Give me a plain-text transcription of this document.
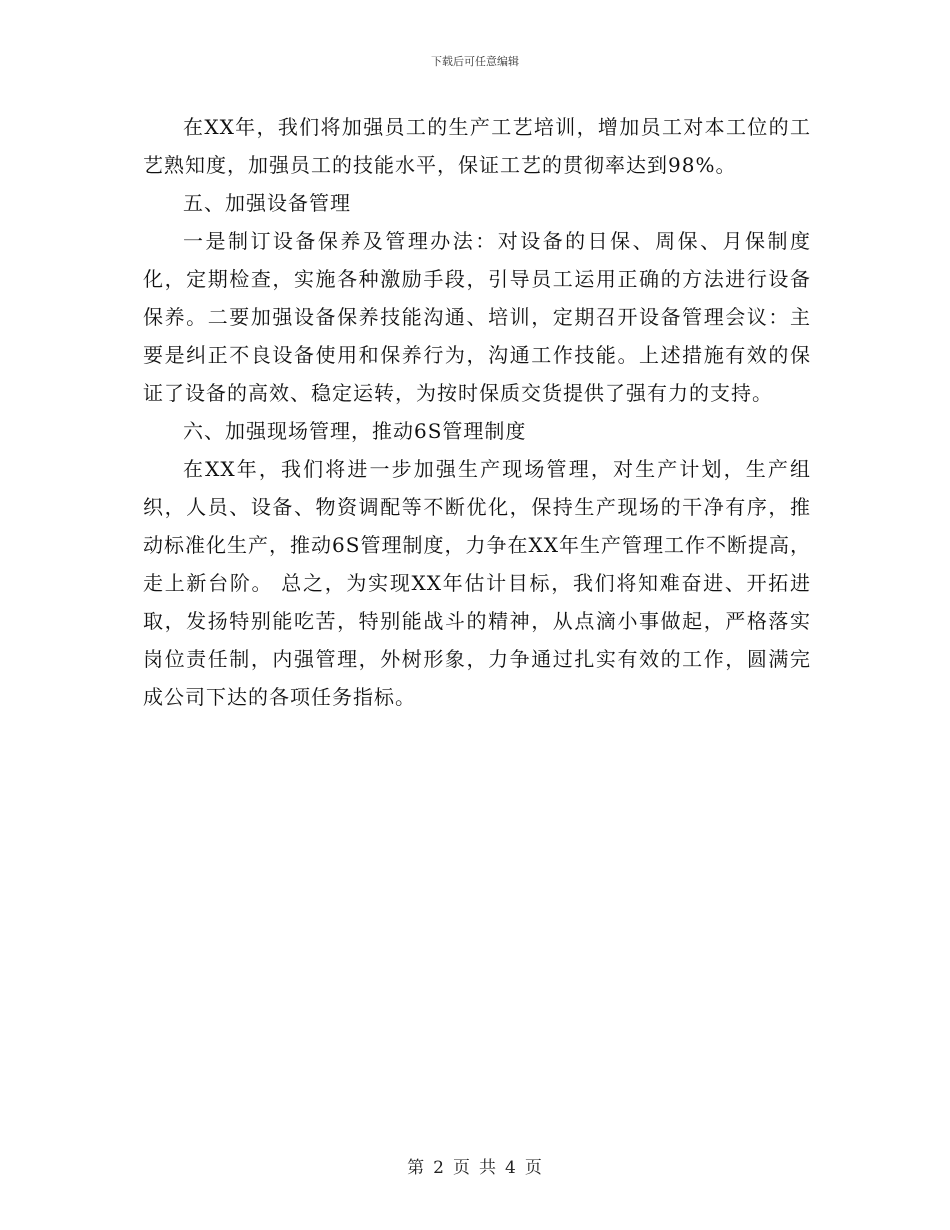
下载后可任意编辑

在XX年，我们将加强员工的生产工艺培训，增加员工对本工位的工艺熟知度，加强员工的技能水平，保证工艺的贯彻率达到98%。

五、加强设备管理

一是制订设备保养及管理办法：对设备的日保、周保、月保制度化，定期检查，实施各种激励手段，引导员工运用正确的方法进行设备保养。二要加强设备保养技能沟通、培训，定期召开设备管理会议：主要是纠正不良设备使用和保养行为，沟通工作技能。上述措施有效的保证了设备的高效、稳定运转，为按时保质交货提供了强有力的支持。

六、加强现场管理，推动6S管理制度

在XX年，我们将进一步加强生产现场管理，对生产计划，生产组织，人员、设备、物资调配等不断优化，保持生产现场的干净有序，推动标准化生产，推动6S管理制度，力争在XX年生产管理工作不断提高，走上新台阶。 总之，为实现XX年估计目标，我们将知难奋进、开拓进取，发扬特别能吃苦，特别能战斗的精神，从点滴小事做起，严格落实岗位责任制，内强管理，外树形象，力争通过扎实有效的工作，圆满完成公司下达的各项任务指标。

第 2 页 共 4 页
